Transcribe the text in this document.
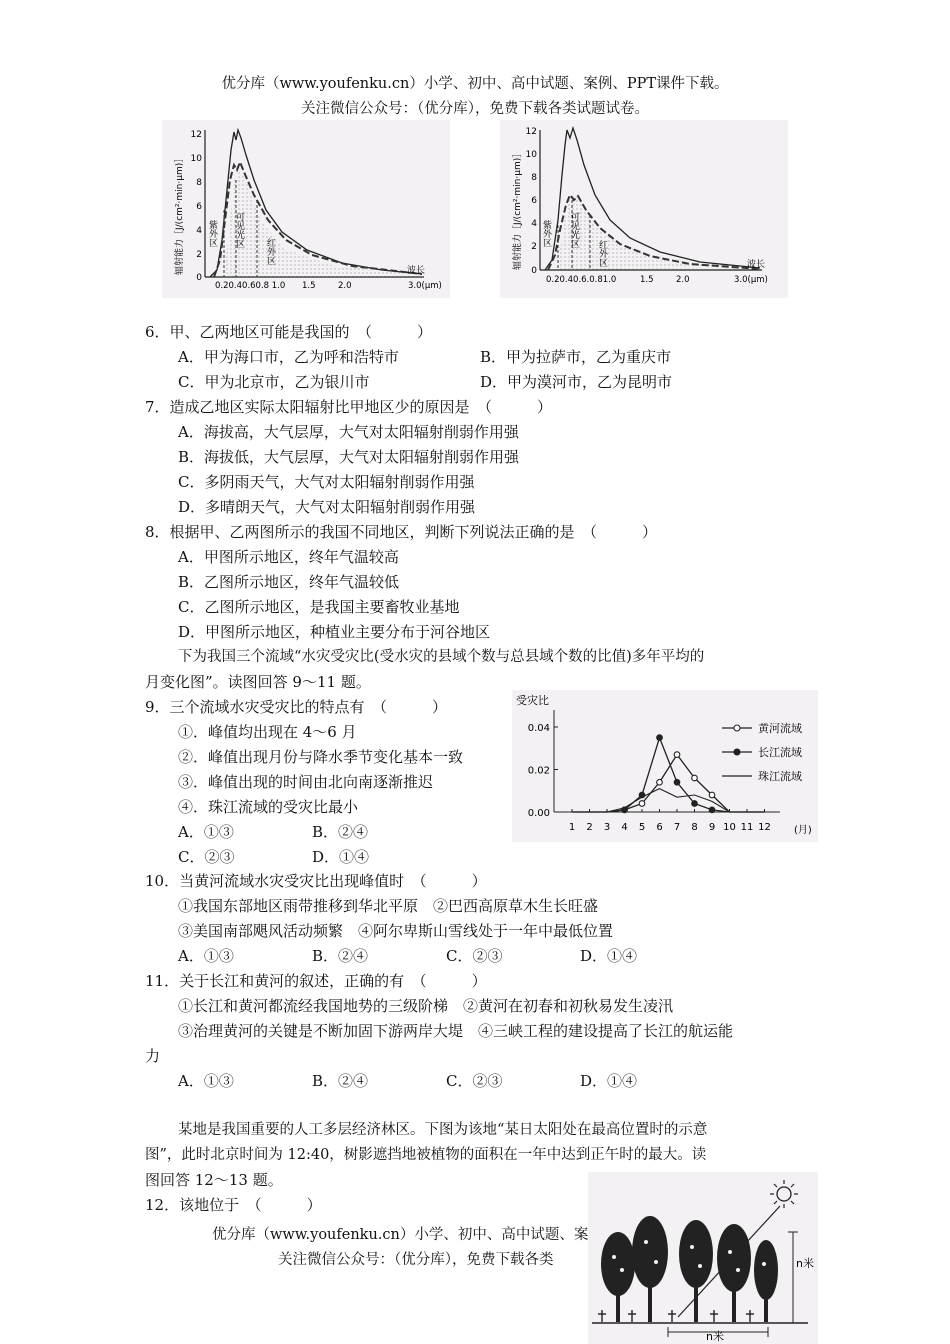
优分库（www.youfenku.cn）小学、初中、高中试题、案例、PPT课件下载。
关注微信公众号：（优分库），免费下载各类试题试卷。
辐射能力［J/(cm²·min·μm)］
12
10
8
6
4
2
0
紫外区 可见光区
红外区
波长
0.20.40.60.8 1.0 1.5	2.0	3.0(μm)
辐射能力［J/(cm²·min·μm)］
12
10
8
6
4
2
0
紫外区 可见光区
红外区	波长
0.20.40.6.0.81.0	1.5	2.0	3.0(μm)
6．甲、乙两地区可能是我国的　（　　　）
A．甲为海口市，乙为呼和浩特市	B．甲为拉萨市，乙为重庆市
C．甲为北京市，乙为银川市	D．甲为漠河市，乙为昆明市
7．造成乙地区实际太阳辐射比甲地区少的原因是　（　　　）
A．海拔高，大气层厚，大气对太阳辐射削弱作用强
B．海拔低，大气层厚，大气对太阳辐射削弱作用强
C．多阴雨天气，大气对太阳辐射削弱作用强
D．多晴朗天气，大气对太阳辐射削弱作用强
8．根据甲、乙两图所示的我国不同地区，判断下列说法正确的是　（　　　）
A．甲图所示地区，终年气温较高
B．乙图所示地区，终年气温较低
C．乙图所示地区，是我国主要畜牧业基地
D．甲图所示地区，种植业主要分布于河谷地区
下为我国三个流域“水灾受灾比(受水灾的县域个数与总县域个数的比值)多年平均的
月变化图”。读图回答 9～11 题。
9．三个流域水灾受灾比的特点有　（　　　）
①．峰值均出现在 4～6 月
②．峰值出现月份与降水季节变化基本一致
③．峰值出现的时间由北向南逐渐推迟
④．珠江流域的受灾比最小
A．①③	B．②④
C．②③	D．①④
受灾比
0.04
0.02
0.00
1 2 3 4 5 6 7 8 9 10 11 12 (月)
黄河流域
长江流域
珠江流域
10．当黄河流域水灾受灾比出现峰值时　（　　　）
①我国东部地区雨带推移到华北平原　②巴西高原草木生长旺盛
③美国南部飓风活动频繁　④阿尔卑斯山雪线处于一年中最低位置
A．①③	B．②④	C．②③	D．①④
11．关于长江和黄河的叙述，正确的有　（　　　）
①长江和黄河都流经我国地势的三级阶梯　②黄河在初春和初秋易发生凌汛
③治理黄河的关键是不断加固下游两岸大堤　④三峡工程的建设提高了长江的航运能
力
A．①③	B．②④	C．②③	D．①④
某地是我国重要的人工多层经济林区。下图为该地“某日太阳处在最高位置时的示意
图”，此时北京时间为 12:40，树影遮挡地被植物的面积在一年中达到正午时的最大。读
图回答 12～13 题。
12．该地位于　（　　　）
优分库（www.youfenku.cn）小学、初中、高中试题、案
关注微信公众号：（优分库），免费下载各类	n米
n米
